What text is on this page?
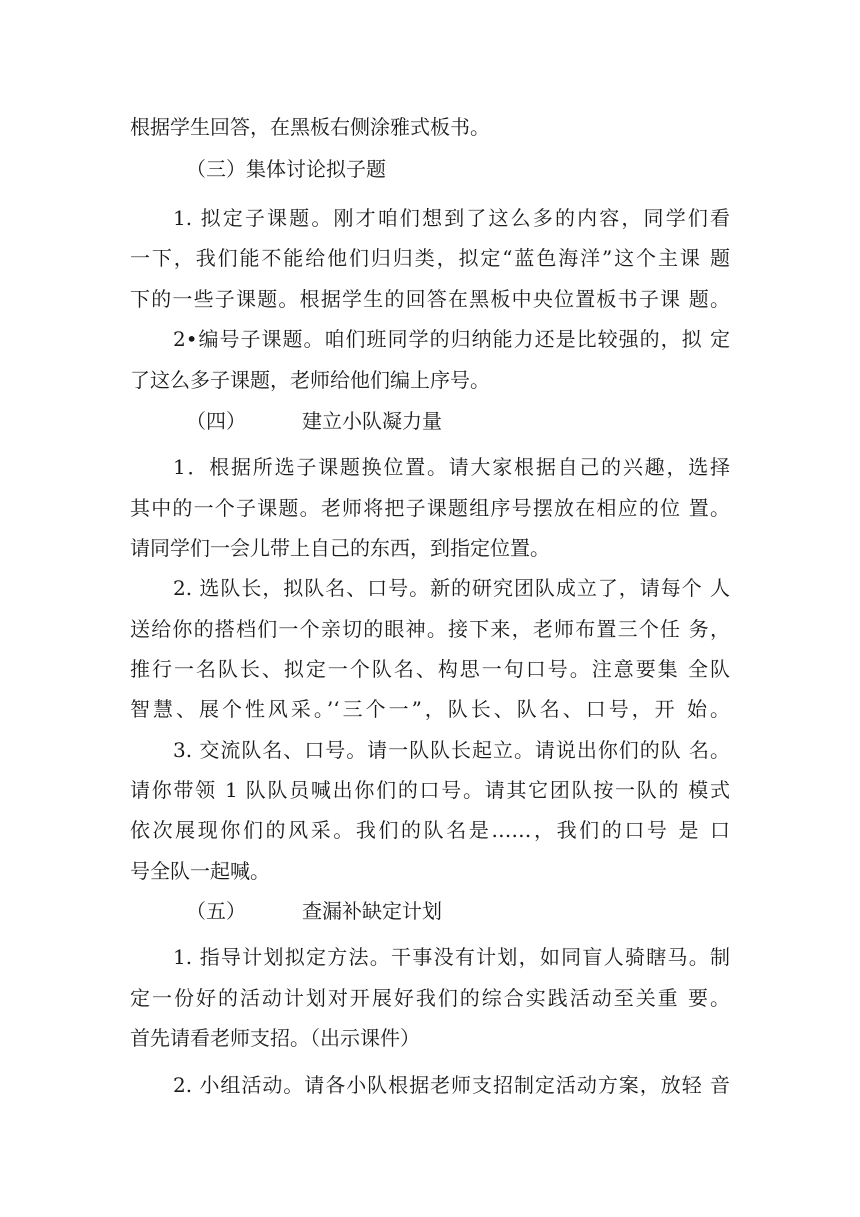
根据学生回答，在黑板右侧涂雅式板书。
（三）集体讨论拟子题
1. 拟定子课题。刚才咱们想到了这么多的内容，同学们看
一下，我们能不能给他们归归类，拟定“蓝色海洋”这个主课 题
下的一些子课题。根据学生的回答在黑板中央位置板书子课 题。
2•编号子课题。咱们班同学的归纳能力还是比较强的，拟 定
了这么多子课题，老师给他们编上序号。
（四）	建立小队凝力量
1．根据所选子课题换位置。请大家根据自己的兴趣，选择
其中的一个子课题。老师将把子课题组序号摆放在相应的位 置。
请同学们一会儿带上自己的东西，到指定位置。
2. 选队长，拟队名、口号。新的研究团队成立了，请每个 人
送给你的搭档们一个亲切的眼神。接下来，老师布置三个任 务，
推行一名队长、拟定一个队名、构思一句口号。注意要集 全队
智慧、展个性风采。’‘三个一”，队长、队名、口号，开 始。
3. 交流队名、口号。请一队队长起立。请说出你们的队 名。
请你带领 1 队队员喊出你们的口号。请其它团队按一队的 模式
依次展现你们的风采。我们的队名是……，我们的口号 是 口
号全队一起喊。
（五）	查漏补缺定计划
1. 指导计划拟定方法。干事没有计划，如同盲人骑瞎马。制
定一份好的活动计划对开展好我们的综合实践活动至关重 要。
首先请看老师支招。（出示课件）
2. 小组活动。请各小队根据老师支招制定活动方案，放轻 音
